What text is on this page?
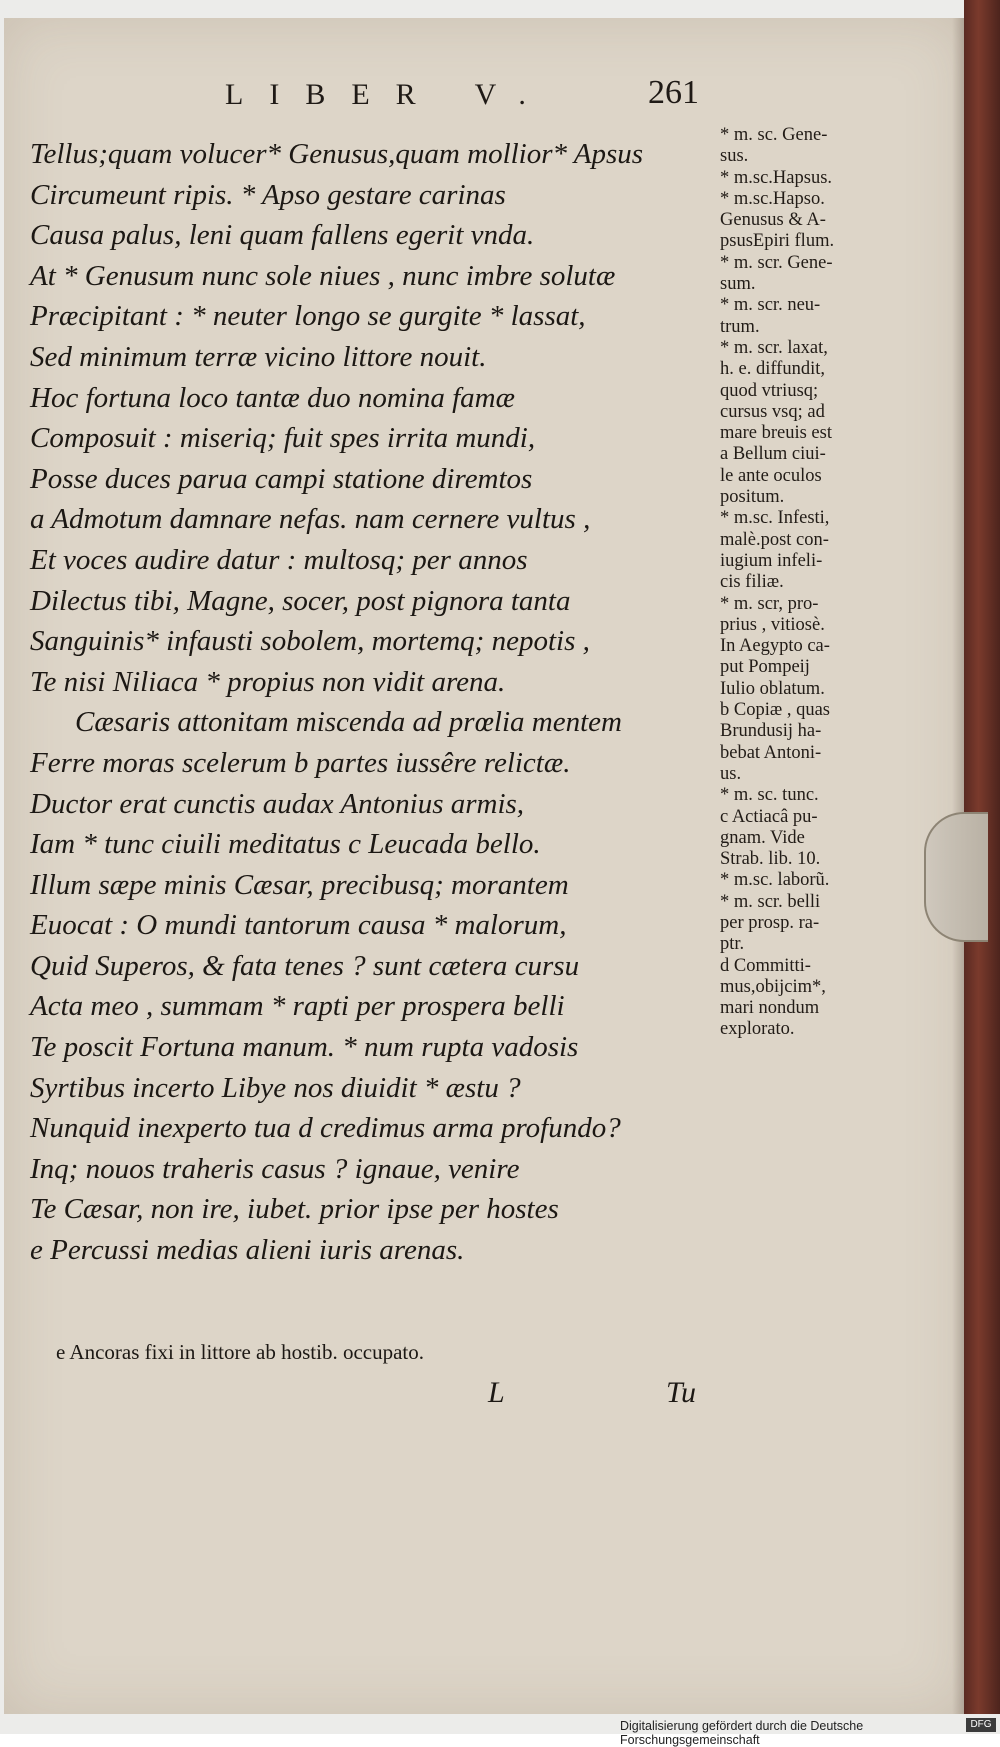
LIBER V.	261
Tellus;quam volucer* Genusus,quam mollior* Apsus
Circumeunt ripis. * Apso gestare carinas
Causa palus, leni quam fallens egerit vnda.
At * Genusum nunc sole niues , nunc imbre solutæ
Præcipitant : * neuter longo se gurgite * lassat,
Sed minimum terræ vicino littore nouit.
Hoc fortuna loco tantæ duo nomina famæ
Composuit : miseriq; fuit spes irrita mundi,
Posse duces parua campi statione diremtos
a Admotum damnare nefas. nam cernere vultus ,
Et voces audire datur : multosq; per annos
Dilectus tibi, Magne, socer, post pignora tanta
Sanguinis* infausti sobolem, mortemq; nepotis ,
Te nisi Niliaca * propius non vidit arena.
Cæsaris attonitam miscenda ad prœlia mentem
Ferre moras scelerum b partes iussêre relictæ.
Ductor erat cunctis audax Antonius armis,
Iam * tunc ciuili meditatus c Leucada bello.
Illum sæpe minis Cæsar, precibusq; morantem
Euocat : O mundi tantorum causa * malorum,
Quid Superos, & fata tenes ? sunt cætera cursu
Acta meo , summam * rapti per prospera belli
Te poscit Fortuna manum. * num rupta vadosis
Syrtibus incerto Libye nos diuidit * æstu ?
Nunquid inexperto tua d credimus arma profundo?
Inq; nouos traheris casus ? ignaue, venire
Te Cæsar, non ire, iubet. prior ipse per hostes
e Percussi medias alieni iuris arenas.
* m. sc. Gene-
sus.
* m.sc.Hapsus.
* m.sc.Hapso.
Genusus & A-
psusEpiri flum.
* m. scr. Gene-
sum.
* m. scr. neu-
trum.
* m. scr. laxat,
h. e. diffundit,
quod vtriusq;
cursus vsq; ad
mare breuis est
a Bellum ciui-
le ante oculos
positum.
* m.sc. Infesti,
malè.post con-
iugium infeli-
cis filiæ.
* m. scr, pro-
prius , vitiosè.
In Aegypto ca-
put Pompeij
Iulio oblatum.
b Copiæ , quas
Brundusij ha-
bebat Antoni-
us.
* m. sc. tunc.
c Actiacâ pu-
gnam. Vide
Strab. lib. 10.
* m.sc. laborũ.
* m. scr. belli
per prosp. ra-
ptr.
d Committi-
mus,obijcim*,
mari nondum
explorato.
e Ancoras fixi in littore ab hostib. occupato.
L	Tu
Digitalisierung gefördert durch die Deutsche Forschungsgemeinschaft
DFG
